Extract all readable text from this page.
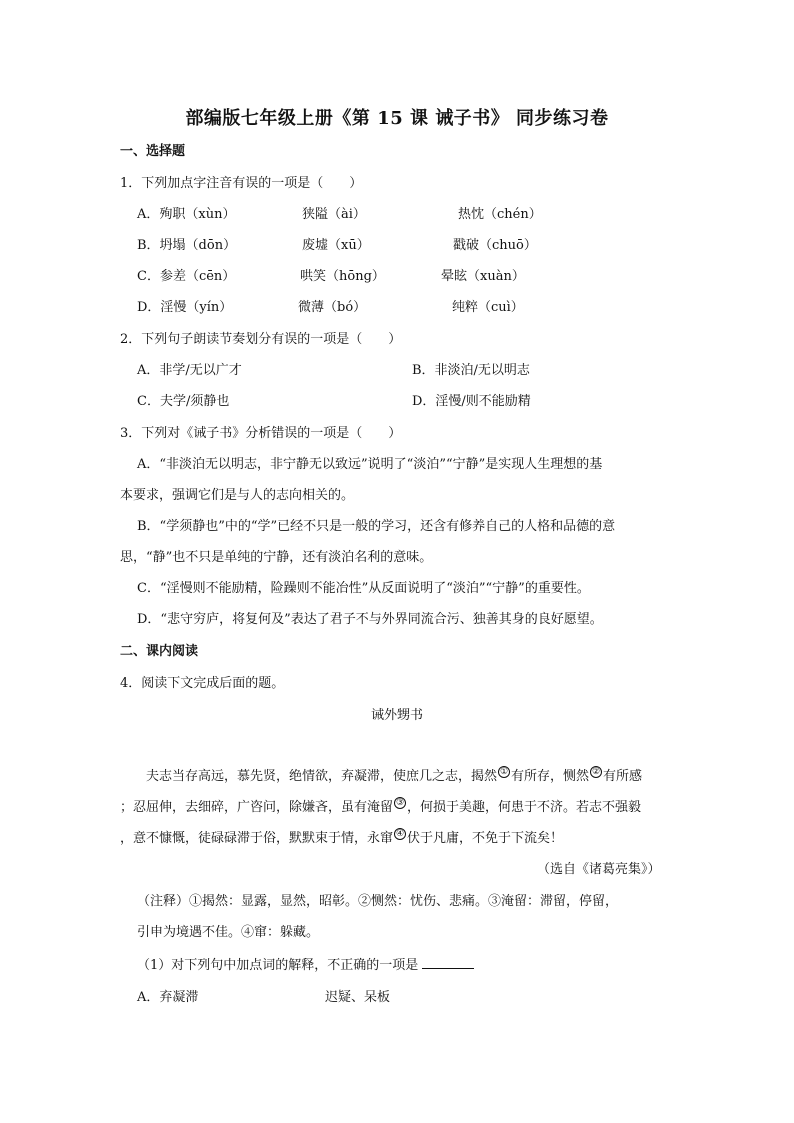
部编版七年级上册《第 15 课 诫子书》 同步练习卷
一、选择题
1．下列加点字注音有误的一项是（　　）
A．殉职（xùn）	狭隘（ài）	热忱（chén）
B．坍塌（dōn）	废墟（xū）	戳破（chuō）
C．参差（cēn）	哄笑（hōng）	晕眩（xuàn）
D．淫慢（yín）	微薄（bó）	纯粹（cuì）
2．下列句子朗读节奏划分有误的一项是（　　）
A．非学/无以广才	B．非淡泊/无以明志
C．夫学/须静也	D．淫慢/则不能励精
3．下列对《诫子书》分析错误的一项是（　　）
A．“非淡泊无以明志，非宁静无以致远”说明了“淡泊”“宁静”是实现人生理想的基
本要求，强调它们是与人的志向相关的。
B．“学须静也”中的“学”已经不只是一般的学习，还含有修养自己的人格和品德的意
思，“静”也不只是单纯的宁静，还有淡泊名利的意味。
C．“淫慢则不能励精，险躁则不能冶性”从反面说明了“淡泊”“宁静”的重要性。
D．“悲守穷庐，将复何及”表达了君子不与外界同流合污、独善其身的良好愿望。
二、课内阅读
4．阅读下文完成后面的题。
诫外甥书
夫志当存高远，慕先贤，绝情欲，弃凝滞，使庶几之志，揭然 ① 有所存，恻然 ② 有所感
；忍屈伸，去细碎，广咨问，除嫌吝，虽有淹留 ③ ，何损于美趣，何患于不济。若志不强毅
，意不慷慨，徒碌碌滞于俗，默默束于情，永窜 ④ 伏于凡庸，不免于下流矣！
（选自《诸葛亮集》）
（注释）①揭然：显露，显然，昭彰。②恻然：忧伤、悲痛。③淹留：滞留，停留，
引申为境遇不佳。④窜：躲藏。
（1）对下列句中加点词的解释，不正确的一项是
A．弃凝滞	迟疑、呆板
